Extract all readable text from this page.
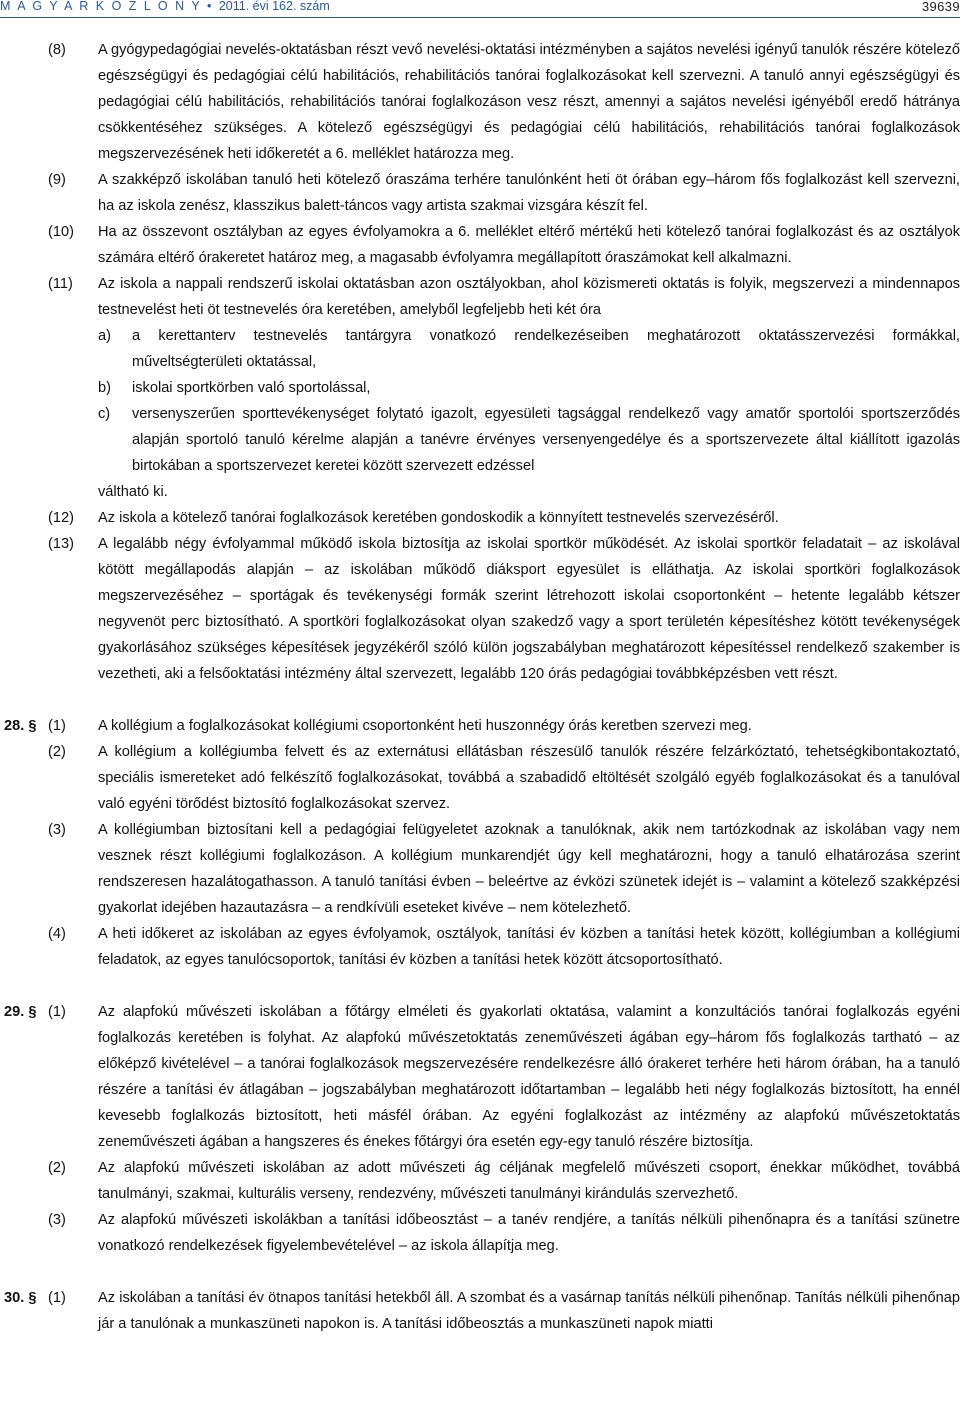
M A G Y A R K Ö Z L Ö N Y • 2011. évi 162. szám	39639
(8)	A gyógypedagógiai nevelés-oktatásban részt vevő nevelési-oktatási intézményben a sajátos nevelési igényű tanulók részére kötelező egészségügyi és pedagógiai célú habilitációs, rehabilitációs tanórai foglalkozásokat kell szervezni. A tanuló annyi egészségügyi és pedagógiai célú habilitációs, rehabilitációs tanórai foglalkozáson vesz részt, amennyi a sajátos nevelési igényéből eredő hátránya csökkentéséhez szükséges. A kötelező egészségügyi és pedagógiai célú habilitációs, rehabilitációs tanórai foglalkozások megszervezésének heti időkeretét a 6. melléklet határozza meg.
(9)	A szakképző iskolában tanuló heti kötelező óraszáma terhére tanulónként heti öt órában egy–három fős foglalkozást kell szervezni, ha az iskola zenész, klasszikus balett-táncos vagy artista szakmai vizsgára készít fel.
(10)	Ha az összevont osztályban az egyes évfolyamokra a 6. melléklet eltérő mértékű heti kötelező tanórai foglalkozást és az osztályok számára eltérő órakeretet határoz meg, a magasabb évfolyamra megállapított óraszámokat kell alkalmazni.
(11)	Az iskola a nappali rendszerű iskolai oktatásban azon osztályokban, ahol közismereti oktatás is folyik, megszervezi a mindennapos testnevelést heti öt testnevelés óra keretében, amelyből legfeljebb heti két óra
a) a kerettanterv testnevelés tantárgyra vonatkozó rendelkezéseiben meghatározott oktatásszervezési formákkal, műveltségterületi oktatással,
b) iskolai sportkörben való sportolással,
c) versenyszerűen sporttevékenységet folytató igazolt, egyesületi tagsággal rendelkező vagy amatőr sportolói sportszerződés alapján sportoló tanuló kérelme alapján a tanévre érvényes versenyengedélye és a sportszervezete által kiállított igazolás birtokában a sportszervezet keretei között szervezett edzéssel
váltható ki.
(12)	Az iskola a kötelező tanórai foglalkozások keretében gondoskodik a könnyített testnevelés szervezéséről.
(13)	A legalább négy évfolyammal működő iskola biztosítja az iskolai sportkör működését. Az iskolai sportkör feladatait – az iskolával kötött megállapodás alapján – az iskolában működő diáksport egyesület is elláthatja. Az iskolai sportköri foglalkozások megszervezéséhez – sportágak és tevékenységi formák szerint létrehozott iskolai csoportonként – hetente legalább kétszer negyvenöt perc biztosítható. A sportköri foglalkozásokat olyan szakedző vagy a sport területén képesítéshez kötött tevékenységek gyakorlásához szükséges képesítések jegyzékéről szóló külön jogszabályban meghatározott képesítéssel rendelkező szakember is vezetheti, aki a felsőoktatási intézmény által szervezett, legalább 120 órás pedagógiai továbbképzésben vett részt.
28. § (1)	A kollégium a foglalkozásokat kollégiumi csoportonként heti huszonnégy órás keretben szervezi meg.
(2)	A kollégium a kollégiumba felvett és az externátusi ellátásban részesülő tanulók részére felzárkóztató, tehetségkibontakoztató, speciális ismereteket adó felkészítő foglalkozásokat, továbbá a szabadidő eltöltését szolgáló egyéb foglalkozásokat és a tanulóval való egyéni törődést biztosító foglalkozásokat szervez.
(3)	A kollégiumban biztosítani kell a pedagógiai felügyeletet azoknak a tanulóknak, akik nem tartózkodnak az iskolában vagy nem vesznek részt kollégiumi foglalkozáson. A kollégium munkarendjét úgy kell meghatározni, hogy a tanuló elhatározása szerint rendszeresen hazalátogathasson. A tanuló tanítási évben – beleértve az évközi szünetek idejét is – valamint a kötelező szakképzési gyakorlat idejében hazautazásra – a rendkívüli eseteket kivéve – nem kötelezhető.
(4)	A heti időkeret az iskolában az egyes évfolyamok, osztályok, tanítási év közben a tanítási hetek között, kollégiumban a kollégiumi feladatok, az egyes tanulócsoportok, tanítási év közben a tanítási hetek között átcsoportosítható.
29. § (1)	Az alapfokú művészeti iskolában a főtárgy elméleti és gyakorlati oktatása, valamint a konzultációs tanórai foglalkozás egyéni foglalkozás keretében is folyhat. Az alapfokú művészetoktatás zeneművészeti ágában egy–három fős foglalkozás tartható – az előképző kivételével – a tanórai foglalkozások megszervezésére rendelkezésre álló órakeret terhére heti három órában, ha a tanuló részére a tanítási év átlagában – jogszabályban meghatározott időtartamban – legalább heti négy foglalkozás biztosított, ha ennél kevesebb foglalkozás biztosított, heti másfél órában. Az egyéni foglalkozást az intézmény az alapfokú művészetoktatás zeneművészeti ágában a hangszeres és énekes főtárgyi óra esetén egy-egy tanuló részére biztosítja.
(2)	Az alapfokú művészeti iskolában az adott művészeti ág céljának megfelelő művészeti csoport, énekkar működhet, továbbá tanulmányi, szakmai, kulturális verseny, rendezvény, művészeti tanulmányi kirándulás szervezhető.
(3)	Az alapfokú művészeti iskolákban a tanítási időbeosztást – a tanév rendjére, a tanítás nélküli pihenőnapra és a tanítási szünetre vonatkozó rendelkezések figyelembevételével – az iskola állapítja meg.
30. § (1)	Az iskolában a tanítási év ötnapos tanítási hetekből áll. A szombat és a vasárnap tanítás nélküli pihenőnap. Tanítás nélküli pihenőnap jár a tanulónak a munkaszüneti napokon is. A tanítási időbeosztás a munkaszüneti napok miatti
